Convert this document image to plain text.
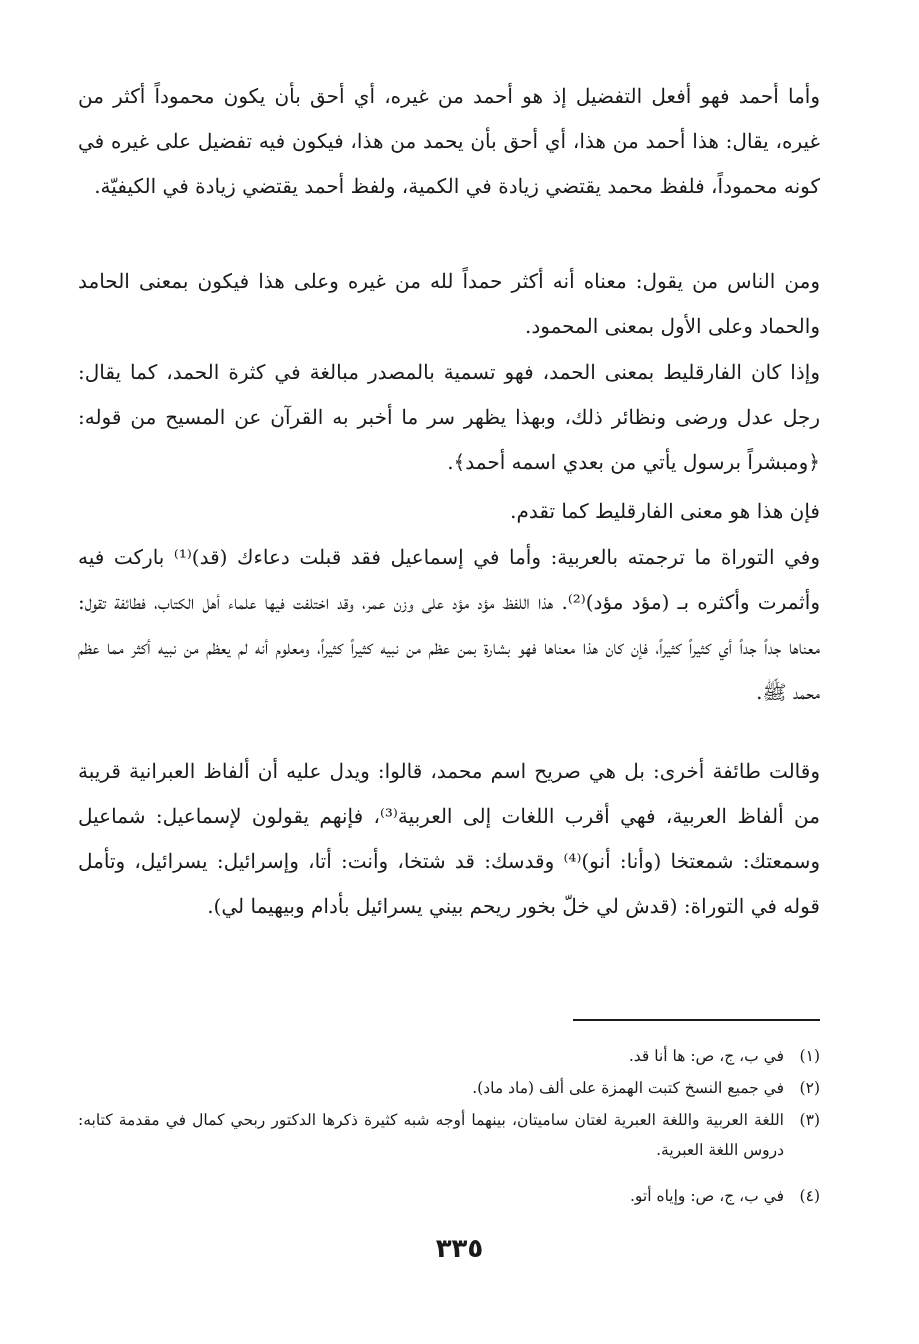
وأما أحمد فهو أفعل التفضيل إذ هو أحمد من غيره، أي أحق بأن يكون محموداً أكثر من غيره، يقال: هذا أحمد من هذا، أي أحق بأن يحمد من هذا، فيكون فيه تفضيل على غيره في كونه محموداً، فلفظ محمد يقتضي زيادة في الكمية، ولفظ أحمد يقتضي زيادة في الكيفيّة.

ومن الناس من يقول: معناه أنه أكثر حمداً لله من غيره وعلى هذا فيكون بمعنى الحامد والحماد وعلى الأول بمعنى المحمود.

وإذا كان الفارقليط بمعنى الحمد، فهو تسمية بالمصدر مبالغة في كثرة الحمد، كما يقال: رجل عدل ورضى ونظائر ذلك، وبهذا يظهر سر ما أخبر به القرآن عن المسيح من قوله: ﴿ومبشراً برسول يأتي من بعدي اسمه أحمد﴾.

فإن هذا هو معنى الفارقليط كما تقدم.

وفي التوراة ما ترجمته بالعربية: وأما في إسماعيل فقد قبلت دعاءك (قد)⁽¹⁾ باركت فيه وأثمرت وأكثره بـ (مؤد مؤد)⁽²⁾. هذا اللفظ مؤد مؤد على وزن عمر، وقد اختلفت فيها علماء أهل الكتاب، فطائفة تقول: معناها جداً جداً أي كثيراً كثيراً، فإن كان هذا معناها فهو بشارة بمن عظم من نبيه كثيراً كثيراً، ومعلوم أنه لم يعظم من نبيه أكثر مما عظم محمد ﷺ.

وقالت طائفة أخرى: بل هي صريح اسم محمد، قالوا: ويدل عليه أن ألفاظ العبرانية قريبة من ألفاظ العربية، فهي أقرب اللغات إلى العربية⁽³⁾، فإنهم يقولون لإسماعيل: شماعيل وسمعتك: شمعتخا (وأنا: أنو)⁽⁴⁾ وقدسك: قد شتخا، وأنت: أتا، وإسرائيل: يسرائيل، وتأمل قوله في التوراة: (قدش لي خلّ بخور ريحم بيني يسرائيل بأدام وبيهيما لي).

(١)
في ب، ج، ص: ها أنا قد.
(٢)
في جميع النسخ كتبت الهمزة على ألف (ماد ماد).
(٣)
اللغة العربية واللغة العبرية لغتان ساميتان، بينهما أوجه شبه كثيرة ذكرها الدكتور ربحي كمال في مقدمة كتابه: دروس اللغة العبرية.
(٤)
في ب، ج، ص: وإياه أتو.
٣٣٥
